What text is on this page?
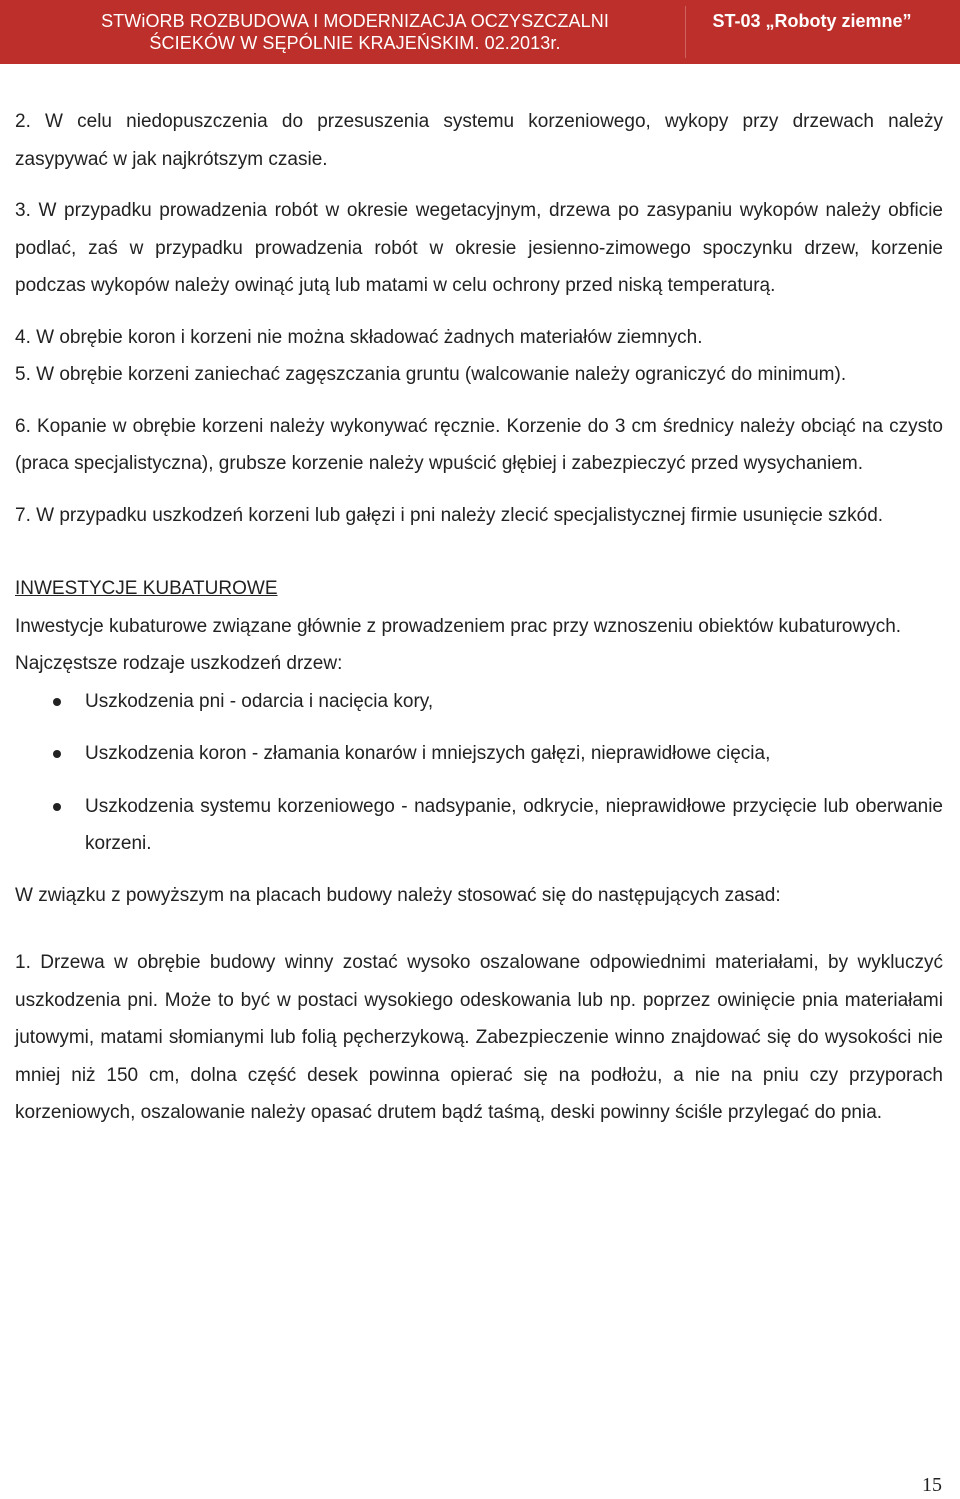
STWiORB ROZBUDOWA I MODERNIZACJA OCZYSZCZALNI
ŚCIEKÓW W SĘPÓLNIE KRAJEŃSKIM. 02.2013r.
ST-03 „Roboty ziemne”

2. W celu niedopuszczenia do przesuszenia systemu korzeniowego, wykopy przy drzewach należy zasypywać w jak najkrótszym czasie.

3. W przypadku prowadzenia robót w okresie wegetacyjnym, drzewa po zasypaniu wykopów należy obficie podlać, zaś w przypadku prowadzenia robót w okresie jesienno-zimowego spoczynku drzew, korzenie podczas wykopów należy owinąć jutą lub matami w celu ochrony przed niską temperaturą.

4. W obrębie koron i korzeni nie można składować żadnych materiałów ziemnych.

5. W obrębie korzeni zaniechać zagęszczania gruntu (walcowanie należy ograniczyć do minimum).

6. Kopanie w obrębie korzeni należy wykonywać ręcznie. Korzenie do 3 cm średnicy należy obciąć na czysto (praca specjalistyczna), grubsze korzenie należy wpuścić głębiej i zabezpieczyć przed wysychaniem.

7. W przypadku uszkodzeń korzeni lub gałęzi i pni należy zlecić specjalistycznej firmie usunięcie szkód.

INWESTYCJE KUBATUROWE

Inwestycje kubaturowe związane głównie z prowadzeniem prac przy wznoszeniu obiektów kubaturowych.

Najczęstsze rodzaje uszkodzeń drzew:

Uszkodzenia pni - odarcia i nacięcia kory,
Uszkodzenia koron - złamania konarów i mniejszych gałęzi, nieprawidłowe cięcia,
Uszkodzenia systemu korzeniowego - nadsypanie, odkrycie, nieprawidłowe przycięcie lub oberwanie korzeni.

W związku z powyższym na placach budowy należy stosować się do następujących zasad:

1. Drzewa w obrębie budowy winny zostać wysoko oszalowane odpowiednimi materiałami, by wykluczyć uszkodzenia pni. Może to być w postaci wysokiego odeskowania lub np. poprzez owinięcie pnia materiałami jutowymi, matami słomianymi lub folią pęcherzykową. Zabezpieczenie winno znajdować się do wysokości nie mniej niż 150 cm, dolna część desek powinna opierać się na podłożu, a nie na pniu czy przyporach korzeniowych, oszalowanie należy opasać drutem bądź taśmą, deski powinny ściśle przylegać do pnia.

15
